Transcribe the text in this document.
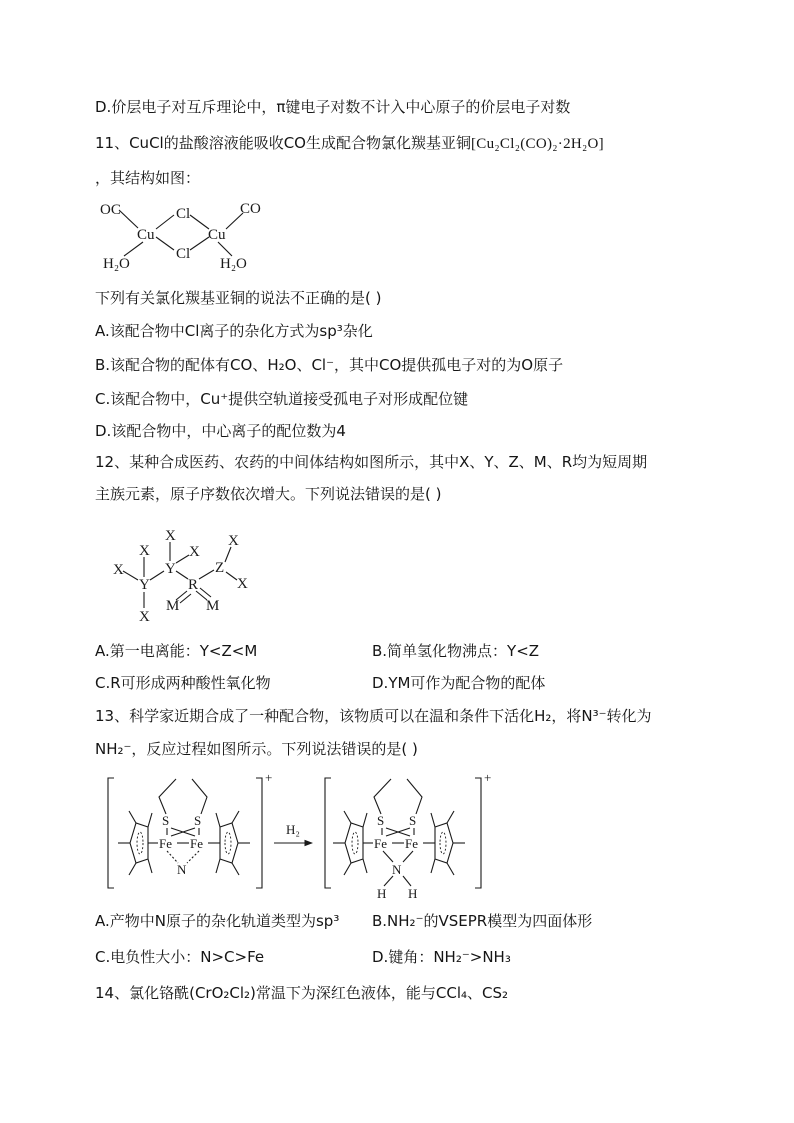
D.价层电子对互斥理论中，π键电子对数不计入中心原子的价层电子对数
11、CuCl的盐酸溶液能吸收CO生成配合物氯化羰基亚铜[Cu₂Cl₂(CO)₂·2H₂O]
，其结构如图：
下列有关氯化羰基亚铜的说法不正确的是( )
A.该配合物中Cl离子的杂化方式为sp³杂化
B.该配合物的配体有CO、H₂O、Cl⁻，其中CO提供孤电子对的为O原子
C.该配合物中，Cu⁺提供空轨道接受孤电子对形成配位键
D.该配合物中，中心离子的配位数为4
12、某种合成医药、农药的中间体结构如图所示，其中X、Y、Z、M、R均为短周期
主族元素，原子序数依次增大。下列说法错误的是( )
A.第一电离能：Y<Z<M	B.简单氢化物沸点：Y<Z
C.R可形成两种酸性氧化物	D.YM可作为配合物的配体
13、科学家近期合成了一种配合物，该物质可以在温和条件下活化H₂，将N³⁻转化为
NH₂⁻，反应过程如图所示。下列说法错误的是( )
A.产物中N原子的杂化轨道类型为sp³ B.NH₂⁻的VSEPR模型为四面体形
C.电负性大小：N>C>Fe	D.键角：NH₂⁻>NH₃
14、氯化铬酰(CrO₂Cl₂)常温下为深红色液体，能与CCl₄、CS₂
OC
Cu
Cl
Cl
Cu
CO
H₂O	H₂O
X
X
Y
X
X
X
Y
R
Z
X
X
M M
+
S S
Fe Fe
N
H₂
+
S S
Fe Fe
N
H H
